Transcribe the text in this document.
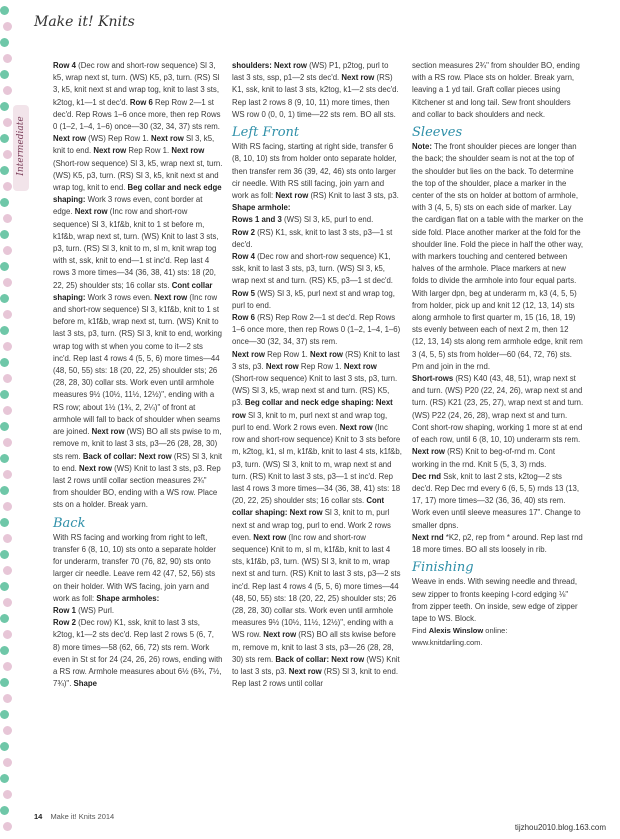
Make it! Knits
Intermediate

Row 4 (Dec row and short-row sequence) Sl 3, k5, wrap next st, turn. (WS) K5, p3, turn. (RS) Sl 3, k5, knit next st and wrap tog, knit to last 3 sts, k2tog, k1—1 st dec'd. Row 6 Rep Row 2—1 st dec'd. Rep Rows 1–6 once more, then rep Rows 0 (1–2, 1–4, 1–6) once—30 (32, 34, 37) sts rem. Next row (WS) Rep Row 1. Next row Sl 3, k5, knit to end. Next row Rep Row 1. Next row (Short-row sequence) Sl 3, k5, wrap next st, turn. (WS) K5, p3, turn. (RS) Sl 3, k5, knit next st and wrap tog, knit to end. Beg collar and neck edge shaping: Work 3 rows even, cont border at edge. Next row (Inc row and short-row sequence) Sl 3, k1f&b, knit to 1 st before m, k1f&b, wrap next st, turn. (WS) Knit to last 3 sts, p3, turn. (RS) Sl 3, knit to m, sl m, knit wrap tog with st, ssk, knit to end—1 st inc'd. Rep last 4 rows 3 more times—34 (36, 38, 41) sts: 18 (20, 22, 25) shoulder sts; 16 collar sts. Cont collar shaping: Work 3 rows even. Next row (Inc row and short-row sequence) Sl 3, k1f&b, knit to 1 st before m, k1f&b, wrap next st, turn. (WS) Knit to last 3 sts, p3, turn. (RS) Sl 3, knit to end, working wrap tog with st when you come to it—2 sts inc'd. Rep last 4 rows 4 (5, 5, 6) more times—44 (48, 50, 55) sts: 18 (20, 22, 25) shoulder sts; 26 (28, 28, 30) collar sts. Work even until armhole measures 9½ (10½, 11½, 12½)", ending with a RS row; about 1½ (1¾, 2, 2¼)" of front at armhole will fall to back of shoulder when seams are joined. Next row (WS) BO all sts pwise to m, remove m, knit to last 3 sts, p3—26 (28, 28, 30) sts rem. Back of collar: Next row (RS) Sl 3, knit to end. Next row (WS) Knit to last 3 sts, p3. Rep last 2 rows until collar section measures 2¾" from shoulder BO, ending with a WS row. Place sts on a holder. Break yarn.

Back

With RS facing and working from right to left, transfer 6 (8, 10, 10) sts onto a separate holder for underarm, transfer 70 (76, 82, 90) sts onto larger cir needle. Leave rem 42 (47, 52, 56) sts on their holder. With WS facing, join yarn and work as foll: Shape armholes:

Row 1 (WS) Purl.

Row 2 (Dec row) K1, ssk, knit to last 3 sts, k2tog, k1—2 sts dec'd. Rep last 2 rows 5 (6, 7, 8) more times—58 (62, 66, 72) sts rem. Work even in St st for 24 (24, 26, 26) rows, ending with a RS row. Armhole measures about 6½ (6¾, 7½, 7¾)". Shape

shoulders: Next row (WS) P1, p2tog, purl to last 3 sts, ssp, p1—2 sts dec'd. Next row (RS) K1, ssk, knit to last 3 sts, k2tog, k1—2 sts dec'd. Rep last 2 rows 8 (9, 10, 11) more times, then WS row 0 (0, 0, 1) time—22 sts rem. BO all sts.

Left Front

With RS facing, starting at right side, transfer 6 (8, 10, 10) sts from holder onto separate holder, then transfer rem 36 (39, 42, 46) sts onto larger cir needle. With RS still facing, join yarn and work as foll: Next row (RS) Knit to last 3 sts, p3. Shape armhole:

Rows 1 and 3 (WS) Sl 3, k5, purl to end.

Row 2 (RS) K1, ssk, knit to last 3 sts, p3—1 st dec'd.

Row 4 (Dec row and short-row sequence) K1, ssk, knit to last 3 sts, p3, turn. (WS) Sl 3, k5, wrap next st and turn. (RS) K5, p3—1 st dec'd.

Row 5 (WS) Sl 3, k5, purl next st and wrap tog, purl to end.

Row 6 (RS) Rep Row 2—1 st dec'd. Rep Rows 1–6 once more, then rep Rows 0 (1–2, 1–4, 1–6) once—30 (32, 34, 37) sts rem.

Next row Rep Row 1. Next row (RS) Knit to last 3 sts, p3. Next row Rep Row 1. Next row (Short-row sequence) Knit to last 3 sts, p3, turn. (WS) Sl 3, k5, wrap next st and turn. (RS) K5, p3. Beg collar and neck edge shaping: Next row Sl 3, knit to m, purl next st and wrap tog, purl to end. Work 2 rows even. Next row (Inc row and short-row sequence) Knit to 3 sts before m, k2tog, k1, sl m, k1f&b, knit to last 4 sts, k1f&b, p3, turn. (WS) Sl 3, knit to m, wrap next st and turn. (RS) Knit to last 3 sts, p3—1 st inc'd. Rep last 4 rows 3 more times—34 (36, 38, 41) sts: 18 (20, 22, 25) shoulder sts; 16 collar sts. Cont collar shaping: Next row Sl 3, knit to m, purl next st and wrap tog, purl to end. Work 2 rows even. Next row (Inc row and short-row sequence) Knit to m, sl m, k1f&b, knit to last 4 sts, k1f&b, p3, turn. (WS) Sl 3, knit to m, wrap next st and turn. (RS) Knit to last 3 sts, p3—2 sts inc'd. Rep last 4 rows 4 (5, 5, 6) more times—44 (48, 50, 55) sts: 18 (20, 22, 25) shoulder sts; 26 (28, 28, 30) collar sts. Work even until armhole measures 9½ (10½, 11½, 12½)", ending with a WS row. Next row (RS) BO all sts kwise before m, remove m, knit to last 3 sts, p3—26 (28, 28, 30) sts rem. Back of collar: Next row (WS) Knit to last 3 sts, p3. Next row (RS) Sl 3, knit to end. Rep last 2 rows until collar

section measures 2¾" from shoulder BO, ending with a RS row. Place sts on holder. Break yarn, leaving a 1 yd tail. Graft collar pieces using Kitchener st and long tail. Sew front shoulders and collar to back shoulders and neck.

Sleeves

Note: The front shoulder pieces are longer than the back; the shoulder seam is not at the top of the shoulder but lies on the back. To determine the top of the shoulder, place a marker in the center of the sts on holder at bottom of armhole, with 3 (4, 5, 5) sts on each side of marker. Lay the cardigan flat on a table with the marker on the side fold. Place another marker at the fold for the shoulder line. Fold the piece in half the other way, with markers touching and centered between halves of the armhole. Place markers at new folds to divide the armhole into four equal parts.

With larger dpn, beg at underarm m, k3 (4, 5, 5) from holder, pick up and knit 12 (12, 13, 14) sts along armhole to first quarter m, 15 (16, 18, 19) sts evenly between each of next 2 m, then 12 (12, 13, 14) sts along rem armhole edge, knit rem 3 (4, 5, 5) sts from holder—60 (64, 72, 76) sts. Pm and join in the rnd.

Short-rows (RS) K40 (43, 48, 51), wrap next st and turn. (WS) P20 (22, 24, 26), wrap next st and turn. (RS) K21 (23, 25, 27), wrap next st and turn. (WS) P22 (24, 26, 28), wrap next st and turn. Cont short-row shaping, working 1 more st at end of each row, until 6 (8, 10, 10) underarm sts rem.

Next row (RS) Knit to beg-of-rnd m. Cont working in the rnd. Knit 5 (5, 3, 3) rnds.

Dec rnd Ssk, knit to last 2 sts, k2tog—2 sts dec'd. Rep Dec rnd every 6 (6, 5, 5) rnds 13 (13, 17, 17) more times—32 (36, 36, 40) sts rem. Work even until sleeve measures 17". Change to smaller dpns.

Next rnd *K2, p2, rep from * around. Rep last rnd 18 more times. BO all sts loosely in rib.

Finishing

Weave in ends. With sewing needle and thread, sew zipper to fronts keeping I-cord edging ⅛" from zipper teeth. On inside, sew edge of zipper tape to WS. Block.

Find Alexis Winslow online:

www.knitdarling.com.

14 Make it! Knits 2014
tijzhou2010.blog.163.com
